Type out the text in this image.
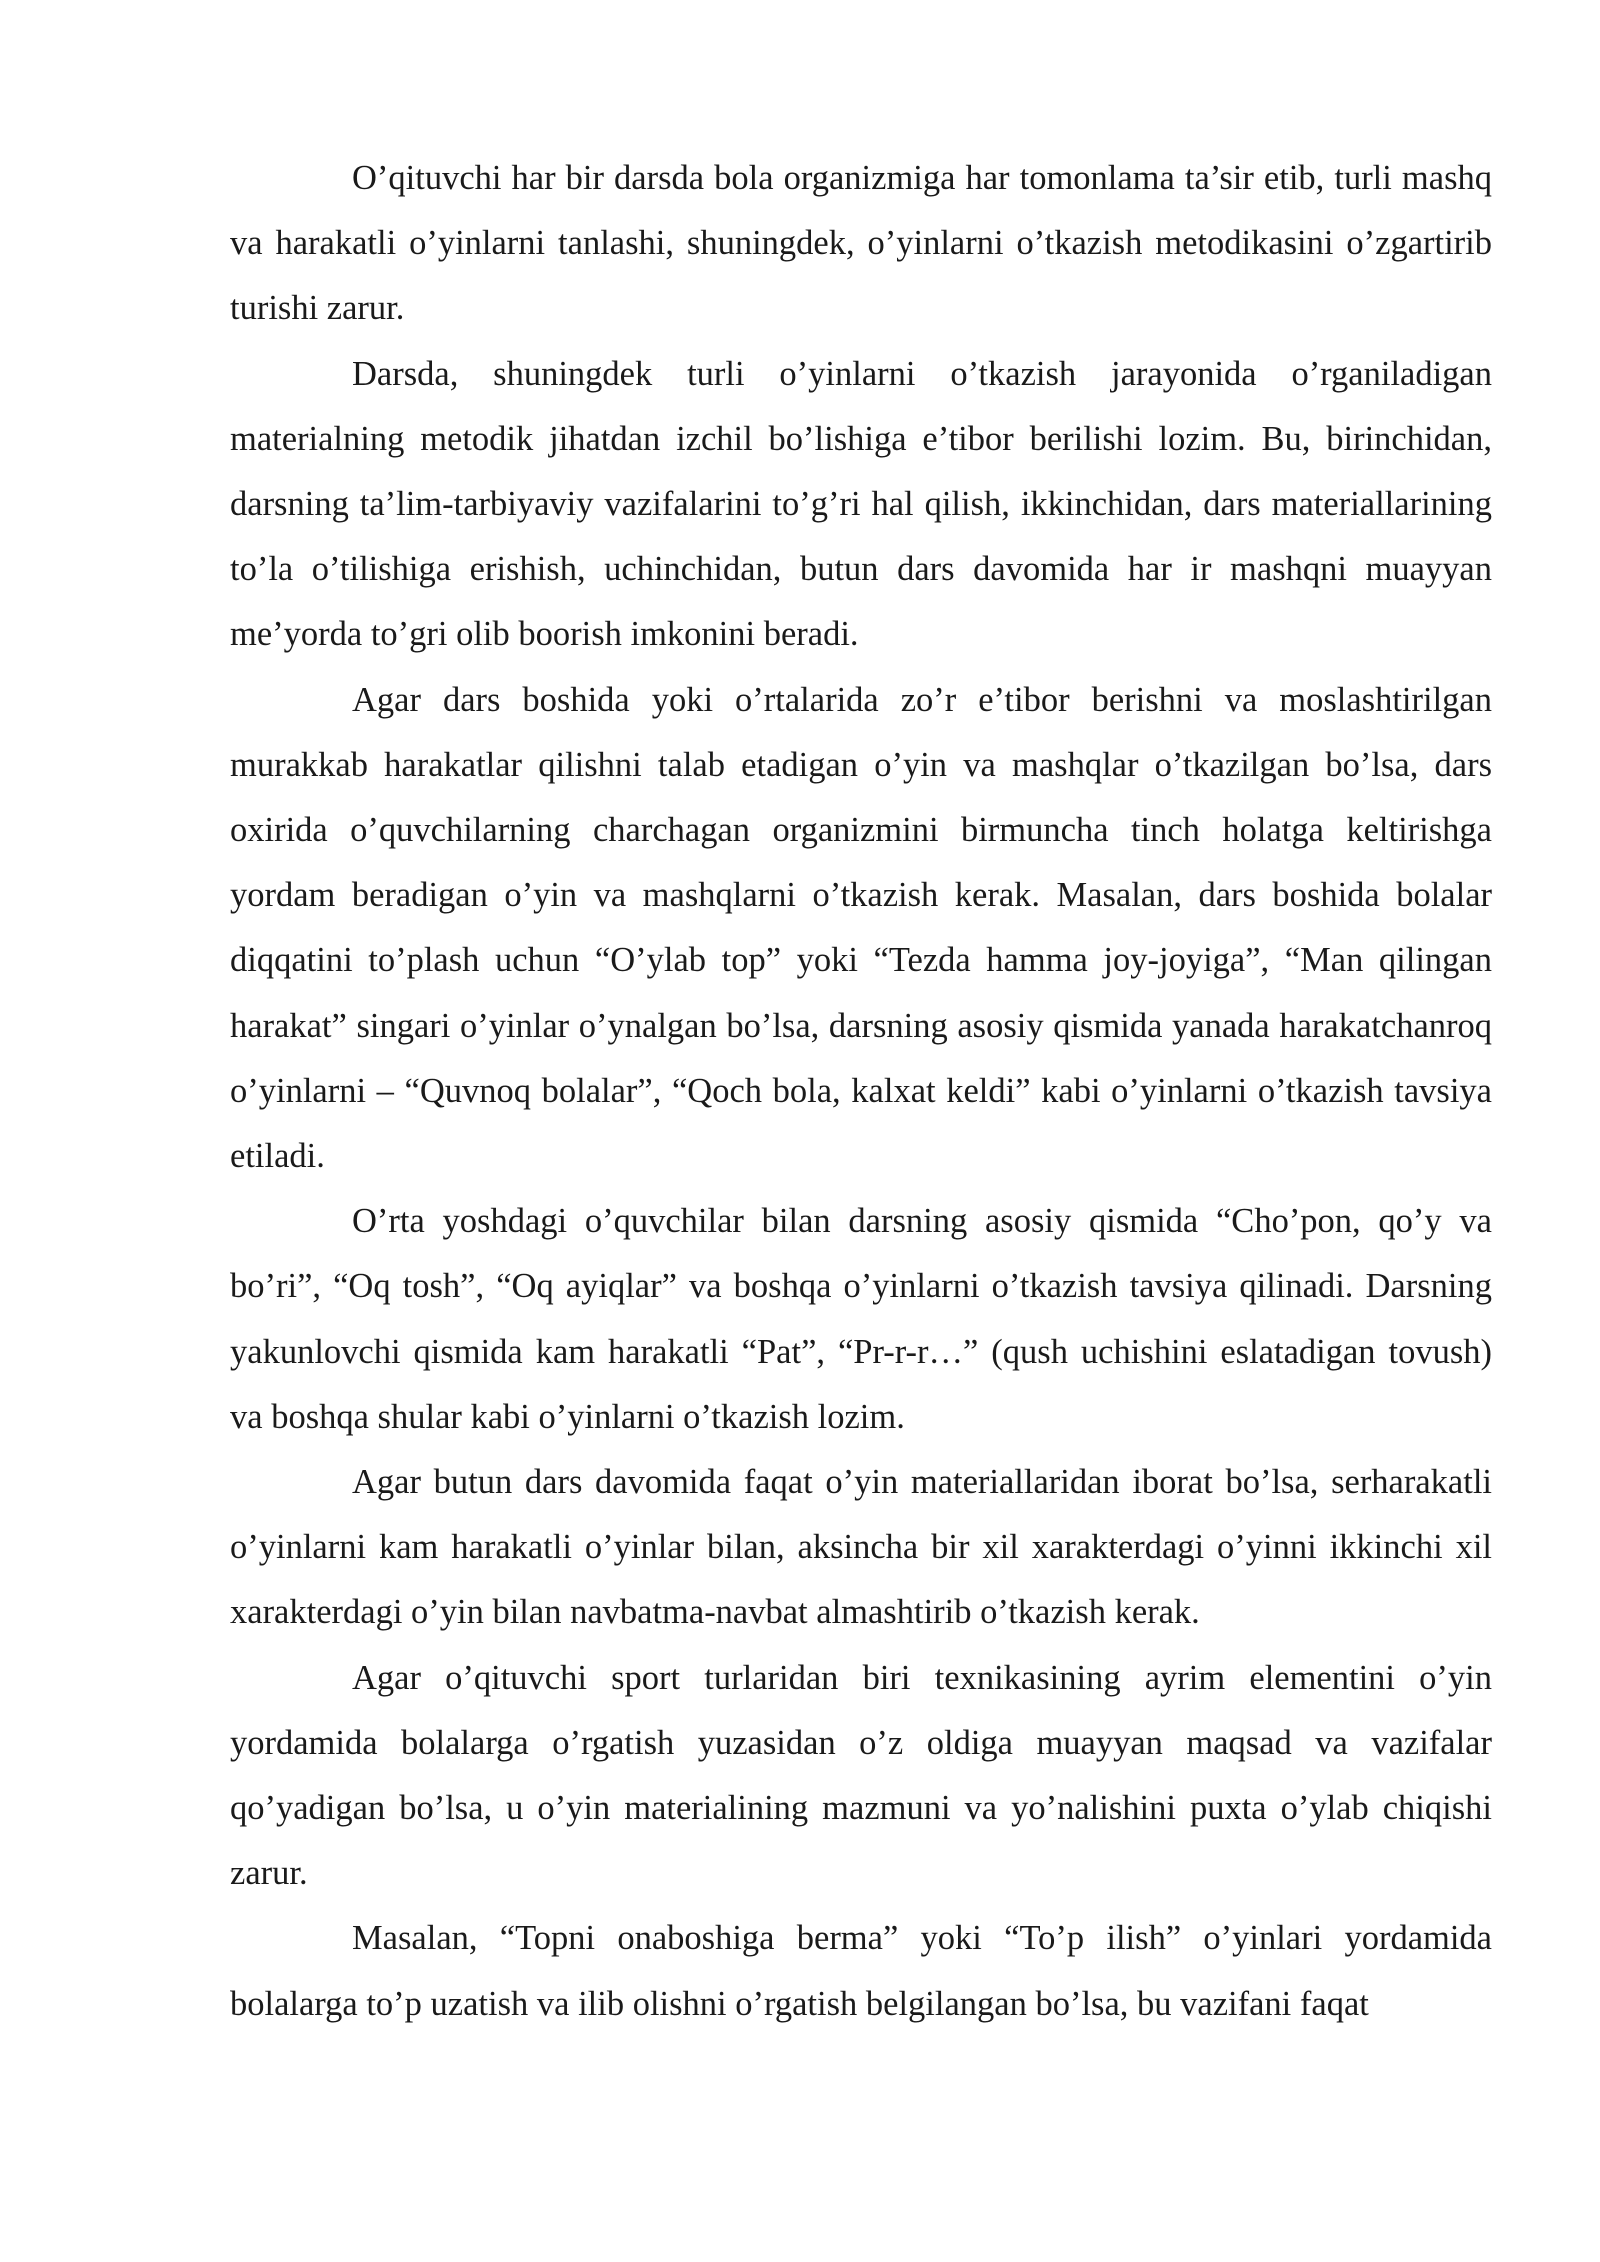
O’qituvchi har bir darsda bola organizmiga har tomonlama ta’sir etib, turli mashq va harakatli o’yinlarni tanlashi, shuningdek, o’yinlarni o’tkazish metodikasini o’zgartirib turishi zarur.

Darsda, shuningdek turli o’yinlarni o’tkazish jarayonida o’rganiladigan materialning metodik jihatdan izchil bo’lishiga e’tibor berilishi lozim. Bu, birinchidan, darsning ta’lim-tarbiyaviy vazifalarini to’g’ri hal qilish, ikkinchidan, dars materiallarining to’la o’tilishiga erishish, uchinchidan, butun dars davomida har ir mashqni muayyan me’yorda to’gri olib boorish imkonini beradi.

Agar dars boshida yoki o’rtalarida zo’r e’tibor berishni va moslashtirilgan murakkab harakatlar qilishni talab etadigan o’yin va mashqlar o’tkazilgan bo’lsa, dars oxirida o’quvchilarning charchagan organizmini birmuncha tinch holatga keltirishga yordam beradigan o’yin va mashqlarni o’tkazish kerak. Masalan, dars boshida bolalar diqqatini to’plash uchun “O’ylab top” yoki “Tezda hamma joy-joyiga”, “Man qilingan harakat” singari o’yinlar o’ynalgan bo’lsa, darsning asosiy qismida yanada harakatchanroq o’yinlarni – “Quvnoq bolalar”, “Qoch bola, kalxat keldi” kabi o’yinlarni o’tkazish tavsiya etiladi.

O’rta yoshdagi o’quvchilar bilan darsning asosiy qismida “Cho’pon, qo’y va bo’ri”, “Oq tosh”, “Oq ayiqlar” va boshqa o’yinlarni o’tkazish tavsiya qilinadi. Darsning yakunlovchi qismida kam harakatli “Pat”, “Pr-r-r…” (qush uchishini eslatadigan tovush) va boshqa shular kabi o’yinlarni o’tkazish lozim.

Agar butun dars davomida faqat o’yin materiallaridan iborat bo’lsa, serharakatli o’yinlarni kam harakatli o’yinlar bilan, aksincha bir xil xarakterdagi o’yinni ikkinchi xil xarakterdagi o’yin bilan navbatma-navbat almashtirib o’tkazish kerak.

Agar o’qituvchi sport turlaridan biri texnikasining ayrim elementini o’yin yordamida bolalarga o’rgatish yuzasidan o’z oldiga muayyan maqsad va vazifalar qo’yadigan bo’lsa, u o’yin materialining mazmuni va yo’nalishini puxta o’ylab chiqishi zarur.

Masalan, “Topni onaboshiga berma” yoki “To’p ilish” o’yinlari yordamida bolalarga to’p uzatish va ilib olishni o’rgatish belgilangan bo’lsa, bu vazifani faqat
